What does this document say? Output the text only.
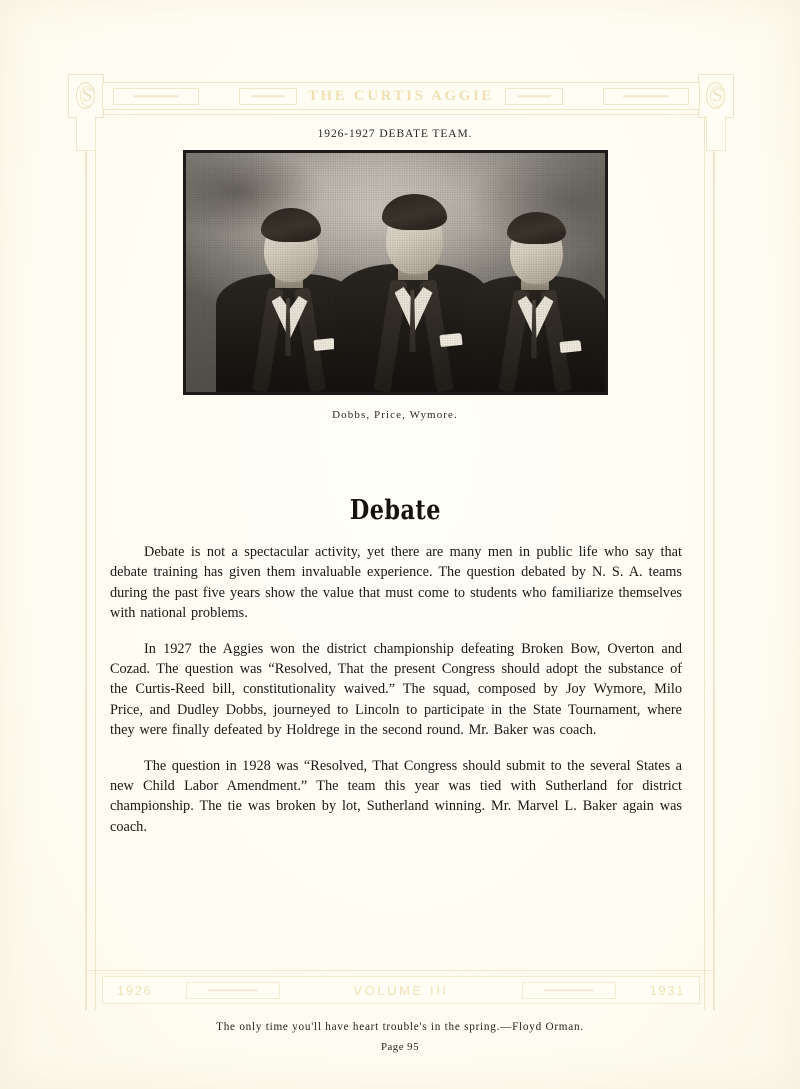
S	S
THE CURTIS AGGIE
1926	VOLUME III	1931
1926-1927 DEBATE TEAM.
Dobbs, Price, Wymore.
Debate

Debate is not a spectacular activity, yet there are many men in public life who say that debate training has given them invaluable experience. The question debated by N. S. A. teams during the past five years show the value that must come to students who familiarize themselves with national problems.

In 1927 the Aggies won the district championship defeating Broken Bow, Overton and Cozad. The question was “Resolved, That the present Congress should adopt the substance of the Curtis-Reed bill, constitutionality waived.” The squad, composed by Joy Wymore, Milo Price, and Dudley Dobbs, journeyed to Lincoln to participate in the State Tournament, where they were finally defeated by Holdrege in the second round. Mr. Baker was coach.

The question in 1928 was “Resolved, That Congress should submit to the several States a new Child Labor Amendment.” The team this year was tied with Sutherland for district championship. The tie was broken by lot, Sutherland winning. Mr. Marvel L. Baker again was coach.

The only time you'll have heart trouble's in the spring.—Floyd Orman.
Page 95
